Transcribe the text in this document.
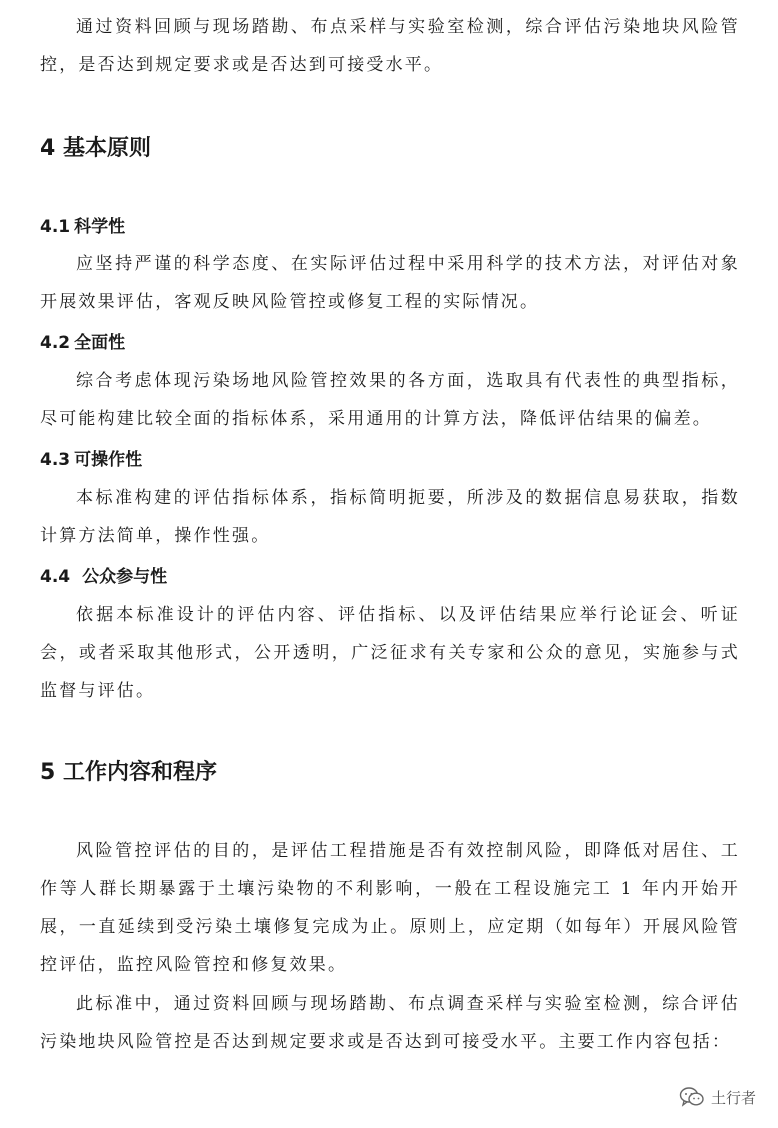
通过资料回顾与现场踏勘、布点采样与实验室检测，综合评估污染地块风险管控，是否达到规定要求或是否达到可接受水平。

4 基本原则
4.1 科学性

应坚持严谨的科学态度、在实际评估过程中采用科学的技术方法，对评估对象开展效果评估，客观反映风险管控或修复工程的实际情况。

4.2 全面性

综合考虑体现污染场地风险管控效果的各方面，选取具有代表性的典型指标，尽可能构建比较全面的指标体系，采用通用的计算方法，降低评估结果的偏差。

4.3 可操作性

本标准构建的评估指标体系，指标简明扼要，所涉及的数据信息易获取，指数计算方法简单，操作性强。

4.4 公众参与性

依据本标准设计的评估内容、评估指标、以及评估结果应举行论证会、听证会，或者采取其他形式，公开透明，广泛征求有关专家和公众的意见，实施参与式监督与评估。

5 工作内容和程序

风险管控评估的目的，是评估工程措施是否有效控制风险，即降低对居住、工作等人群长期暴露于土壤污染物的不利影响，一般在工程设施完工 1 年内开始开展，一直延续到受污染土壤修复完成为止。原则上，应定期（如每年）开展风险管控评估，监控风险管控和修复效果。

此标准中，通过资料回顾与现场踏勘、布点调查采样与实验室检测，综合评估污染地块风险管控是否达到规定要求或是否达到可接受水平。主要工作内容包括：

土行者
